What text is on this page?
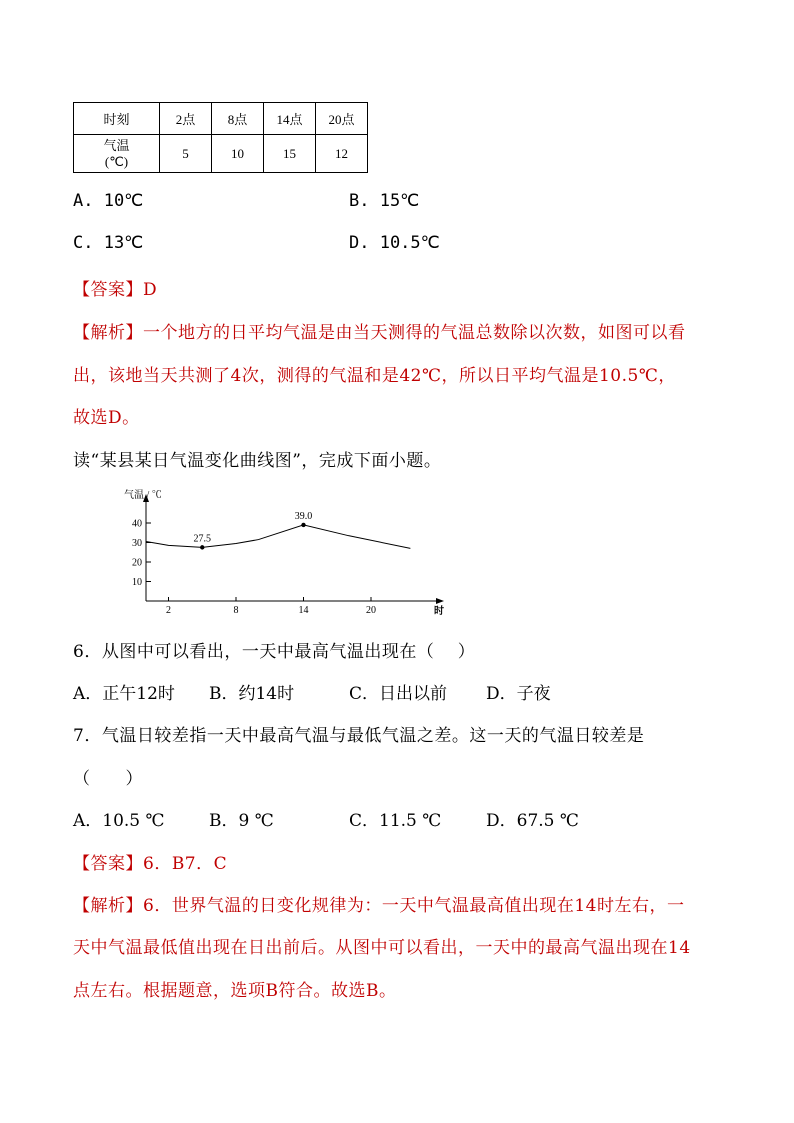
时刻	2点	8点	14点	20点
气温
(℃)	5	10	15	12
A. 10℃	B. 15℃
C. 13℃	D. 10.5℃
【答案】D
【解析】一个地方的日平均气温是由当天测得的气温总数除以次数，如图可以看
出，该地当天共测了4次，测得的气温和是42℃，所以日平均气温是10.5℃，
故选D。
读“某县某日气温变化曲线图”，完成下面小题。
10
20
30
40
2	8	14	20
气温 / ℃
时
27.5
39.0
6．从图中可以看出，一天中最高气温出现在（　 ）
A．正午12时 B．约14时	C．日出以前 D．子夜
7．气温日较差指一天中最高气温与最低气温之差。这一天的气温日较差是
（　　）
A．10.5 ℃	B．9 ℃	C．11.5 ℃	D．67.5 ℃
【答案】6．B7．C
【解析】6．世界气温的日变化规律为：一天中气温最高值出现在14时左右，一
天中气温最低值出现在日出前后。从图中可以看出，一天中的最高气温出现在14
点左右。根据题意，选项B符合。故选B。
